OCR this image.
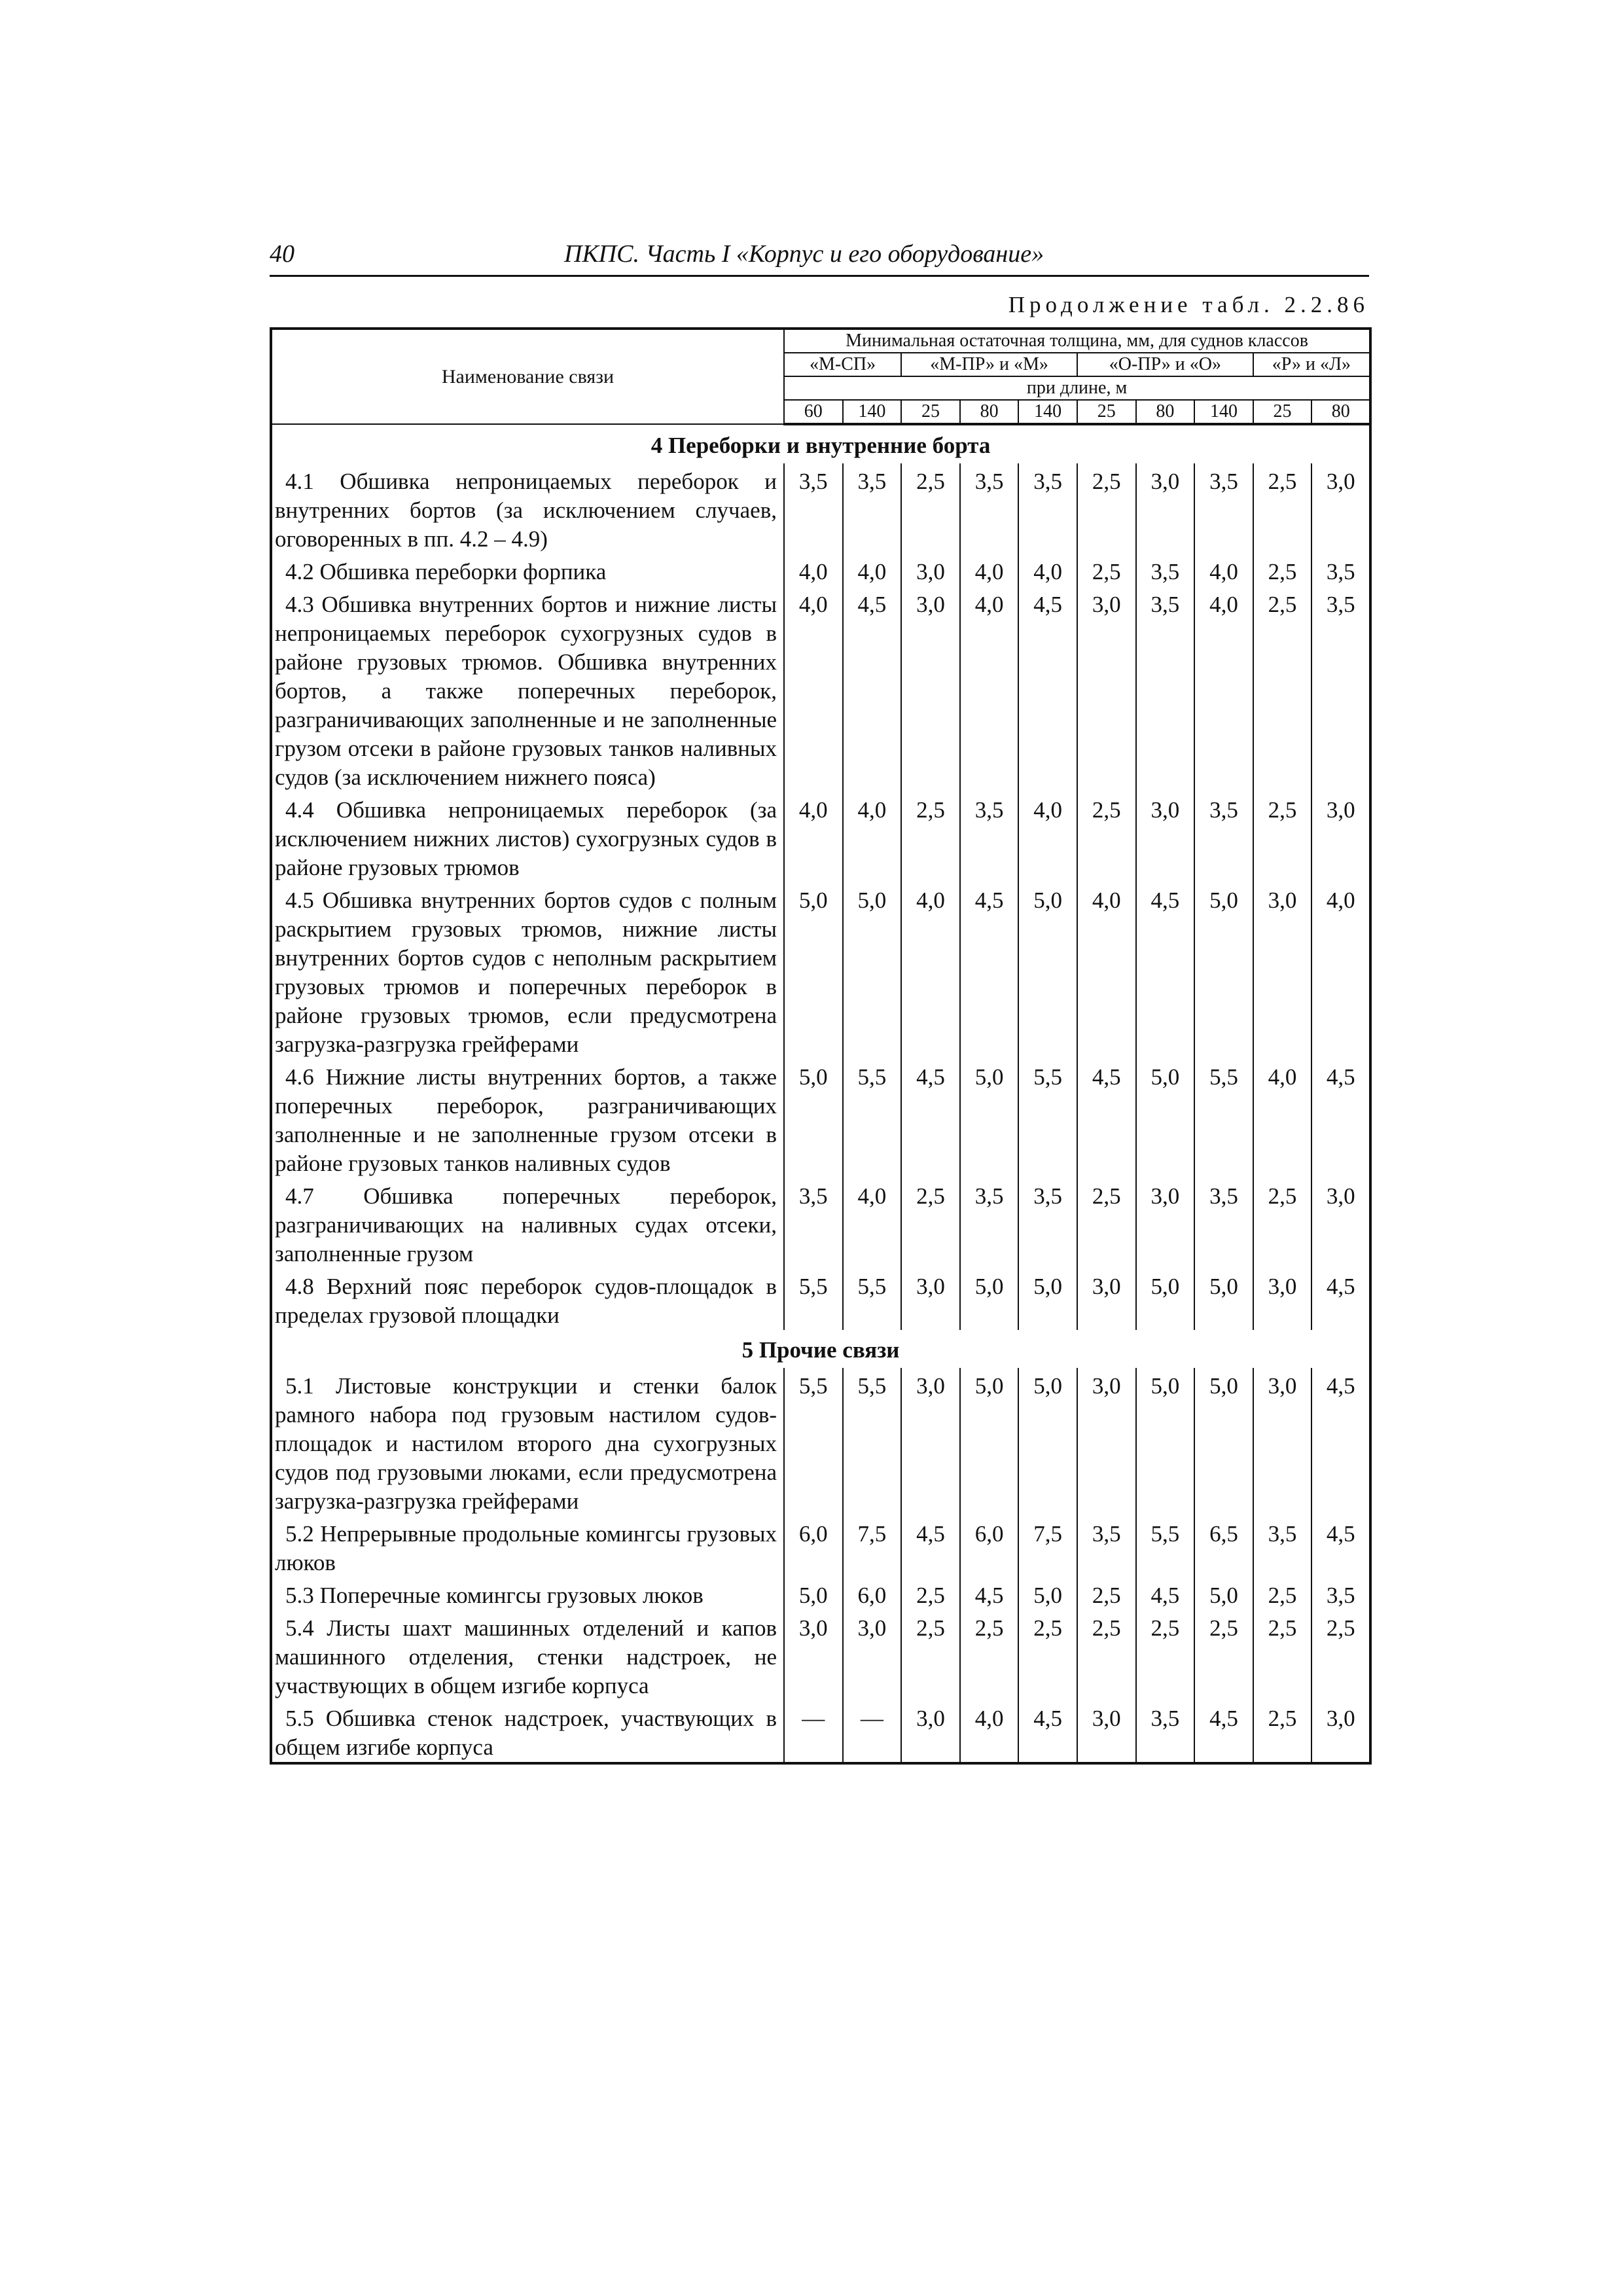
40	ПКПС. Часть I «Корпус и его оборудование»
Продолжение табл. 2.2.86
Наименование связи	Минимальная остаточная толщина, мм, для суднов классов									
	«М-СП»		«М-ПР» и «М»			«О-ПР» и «О»			«Р» и «Л»	
	при длине, м									
	60	140	25	80	140	25	80	140	25	80
4 Переборки и внутренние борта										
4.1 Обшивка непроницаемых переборок и внутренних бортов (за исключением случаев, оговоренных в пп. 4.2 – 4.9)	3,5	3,5	2,5	3,5	3,5	2,5	3,0	3,5	2,5	3,0
4.2 Обшивка переборки форпика	4,0	4,0	3,0	4,0	4,0	2,5	3,5	4,0	2,5	3,5
4.3 Обшивка внутренних бортов и нижние листы непроницаемых переборок сухогрузных судов в районе грузовых трюмов. Обшивка внутренних бортов, а также поперечных переборок, разграничивающих заполненные и не заполненные грузом отсеки в районе грузовых танков наливных судов (за исключением нижнего пояса)	4,0	4,5	3,0	4,0	4,5	3,0	3,5	4,0	2,5	3,5
4.4 Обшивка непроницаемых переборок (за исключением нижних листов) сухогрузных судов в районе грузовых трюмов	4,0	4,0	2,5	3,5	4,0	2,5	3,0	3,5	2,5	3,0
4.5 Обшивка внутренних бортов судов с полным раскрытием грузовых трюмов, нижние листы внутренних бортов судов с неполным раскрытием грузовых трюмов и поперечных переборок в районе грузовых трюмов, если предусмотрена загрузка-разгрузка грейферами	5,0	5,0	4,0	4,5	5,0	4,0	4,5	5,0	3,0	4,0
4.6 Нижние листы внутренних бортов, а также поперечных переборок, разграничивающих заполненные и не заполненные грузом отсеки в районе грузовых танков наливных судов	5,0	5,5	4,5	5,0	5,5	4,5	5,0	5,5	4,0	4,5
4.7 Обшивка поперечных переборок, разграничивающих на наливных судах отсеки, заполненные грузом	3,5	4,0	2,5	3,5	3,5	2,5	3,0	3,5	2,5	3,0
4.8 Верхний пояс переборок судов-площадок в пределах грузовой площадки	5,5	5,5	3,0	5,0	5,0	3,0	5,0	5,0	3,0	4,5
5 Прочие связи										
5.1 Листовые конструкции и стенки балок рамного набора под грузовым настилом судов-площадок и настилом второго дна сухогрузных судов под грузовыми люками, если предусмотрена загрузка-разгрузка грейферами	5,5	5,5	3,0	5,0	5,0	3,0	5,0	5,0	3,0	4,5
5.2 Непрерывные продольные комингсы грузовых люков	6,0	7,5	4,5	6,0	7,5	3,5	5,5	6,5	3,5	4,5
5.3 Поперечные комингсы грузовых люков	5,0	6,0	2,5	4,5	5,0	2,5	4,5	5,0	2,5	3,5
5.4 Листы шахт машинных отделений и капов машинного отделения, стенки надстроек, не участвующих в общем изгибе корпуса	3,0	3,0	2,5	2,5	2,5	2,5	2,5	2,5	2,5	2,5
5.5 Обшивка стенок надстроек, участвующих в общем изгибе корпуса	—	—	3,0	4,0	4,5	3,0	3,5	4,5	2,5	3,0
